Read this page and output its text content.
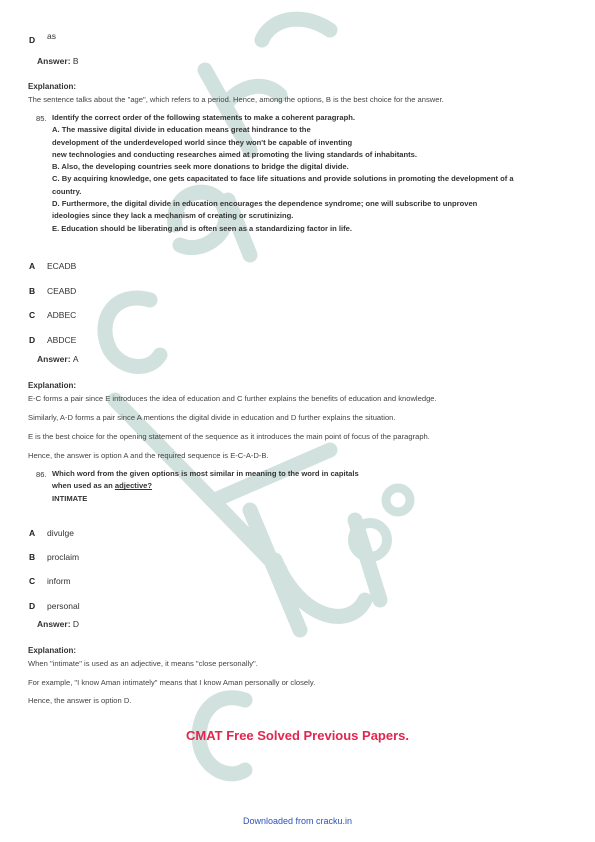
D as
Answer: B
Explanation:
The sentence talks about the "age", which refers to a period. Hence, among the options, B is the best choice for the answer.
85. Identify the correct order of the following statements to make a coherent paragraph.
A. The massive digital divide in education means great hindrance to the
development of the underdeveloped world since they won't be capable of inventing
new technologies and conducting researches aimed at promoting the living standards of inhabitants.
B. Also, the developing countries seek more donations to bridge the digital divide.
C. By acquiring knowledge, one gets capacitated to face life situations and provide solutions in promoting the development of a
country.
D. Furthermore, the digital divide in education encourages the dependence syndrome; one will subscribe to unproven
ideologies since they lack a mechanism of creating or scrutinizing.
E. Education should be liberating and is often seen as a standardizing factor in life.
A ECADB
B CEABD
C ADBEC
D ABDCE
Answer: A
Explanation:
E-C forms a pair since E introduces the idea of education and C further explains the benefits of education and knowledge.
Similarly, A-D forms a pair since A mentions the digital divide in education and D further explains the situation.
E is the best choice for the opening statement of the sequence as it introduces the main point of focus of the paragraph.
Hence, the answer is option A and the required sequence is E-C-A-D-B.
86. Which word from the given options is most similar in meaning to the word in capitals
when used as an adjective?
INTIMATE
A divulge
B proclaim
C inform
D personal
Answer: D
Explanation:
When "intimate" is used as an adjective, it means "close personally".
For example, "I know Aman intimately" means that I know Aman personally or closely.
Hence, the answer is option D.
CMAT Free Solved Previous Papers.
Downloaded from cracku.in
